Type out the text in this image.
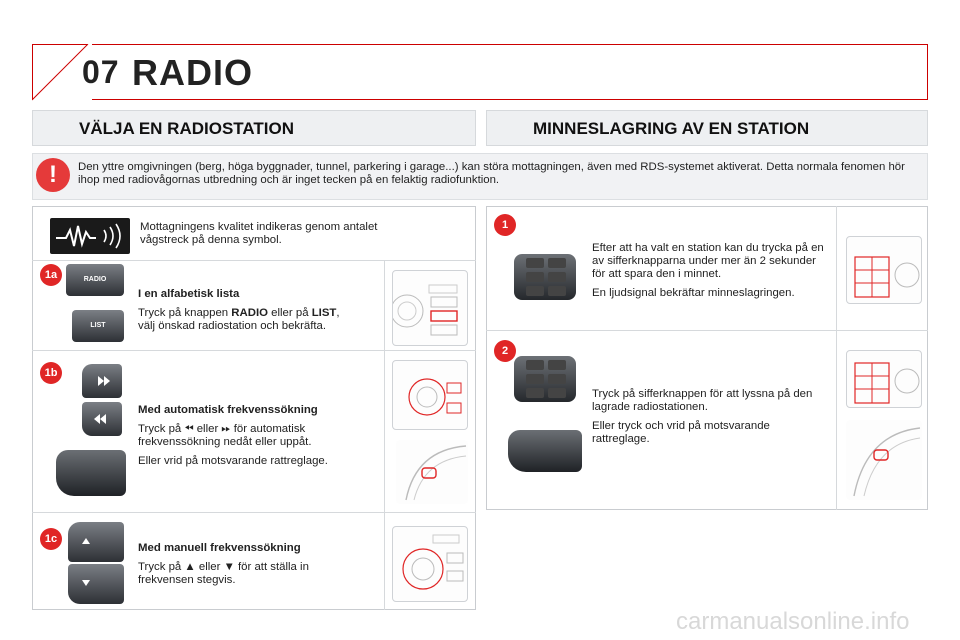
07 RADIO
VÄLJA EN RADIOSTATION	MINNESLAGRING AV EN STATION
!	Den yttre omgivningen (berg, höga byggnader, tunnel, parkering i garage...) kan störa mottagningen, även med RDS-systemet aktiverat. Detta normala fenomen hör ihop med radiovågornas utbredning och är inget tecken på en felaktig radiofunktion.
Mottagningens kvalitet indikeras genom antalet vågstreck på denna symbol.
1a	RADIO
LIST

I en alfabetisk lista

Tryck på knappen RADIO eller på LIST,
välj önskad radiostation och bekräfta.

1b

Med automatisk frekvenssökning

Tryck på ⏪︎ eller ⏩︎ för automatisk
frekvenssökning nedåt eller uppåt.

Eller vrid på motsvarande rattreglage.

1c

Med manuell frekvenssökning

Tryck på ▲ eller ▼ för att ställa in
frekvensen stegvis.

1

Efter att ha valt en station kan du trycka på en av sifferknapparna under mer än 2 sekunder för att spara den i minnet.

En ljudsignal bekräftar minneslagringen.

2

Tryck på sifferknappen för att lyssna på den lagrade radiostationen.

Eller tryck och vrid på motsvarande rattreglage.

carmanualsonline.info
